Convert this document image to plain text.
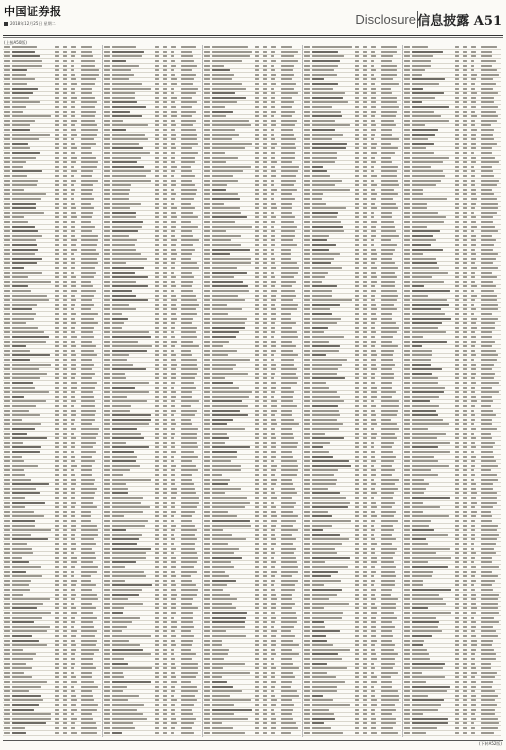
中国证券报
2018年12月25日 星期二	Disclosure 信息披露 A51
(上接A50版)
(下转A52版)
